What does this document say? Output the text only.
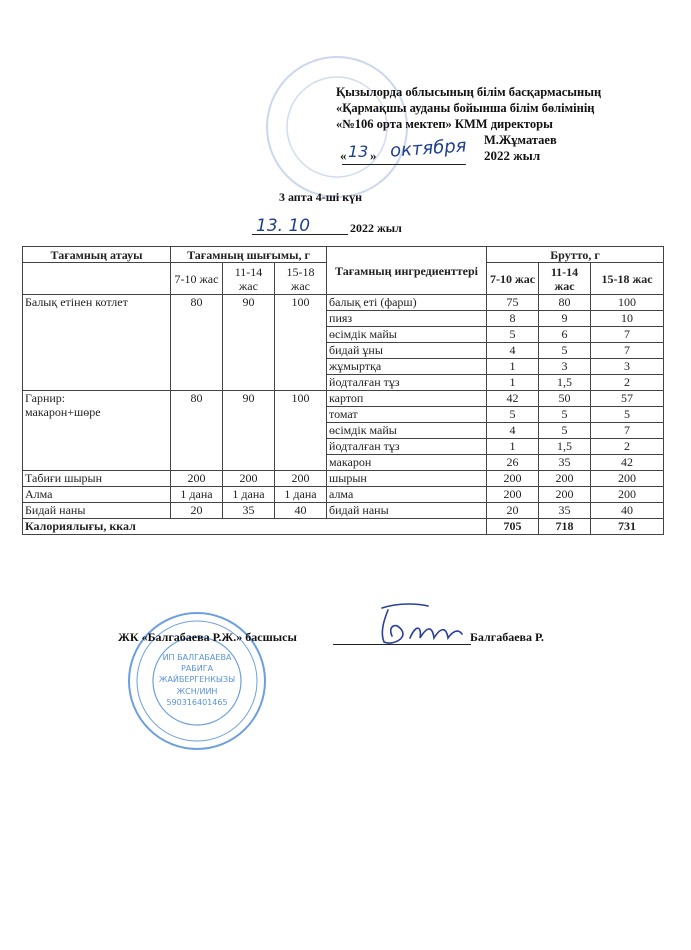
Қызылорда облысының білім басқармасының
«Қармақшы ауданы бойынша білім бөлімінің
«№106 орта мектеп» КММ директоры
М.Жұматаев
« 13 » октября 2022 жыл
3 апта 4-ші күн
13. 10	2022 жыл
Тағамның атауы	Тағамның шығымы, г			Тағамның ингредиенттері	Брутто, г		
	7-10 жас	11-14 жас	15-18 жас		7-10 жас	11-14 жас	15-18 жас
Балық етінен котлет	80	90	100	балық еті (фарш)	75	80	100
				пияз	8	9	10
				өсімдік майы	5	6	7
				бидай ұны	4	5	7
				жұмыртқа	1	3	3
				йодталған тұз	1	1,5	2
Гарнир:
макарон+шөре	80	90	100	картоп	42	50	57
				томат	5	5	5
				өсімдік майы	4	5	7
				йодталған тұз	1	1,5	2
				макарон	26	35	42
Табиғи шырын	200	200	200	шырын	200	200	200
Алма	1 дана	1 дана	1 дана	алма	200	200	200
Бидай наны	20	35	40	бидай наны	20	35	40
Калориялығы, ккал					705	718	731
ИП БАЛГАБАЕВА
РАБИГА
ЖАЙБЕРГЕНКЫЗЫ
ЖСН/ИИН
590316401465
ЖК «Балгабаева Р.Ж.» басшысы	Балгабаева Р.
